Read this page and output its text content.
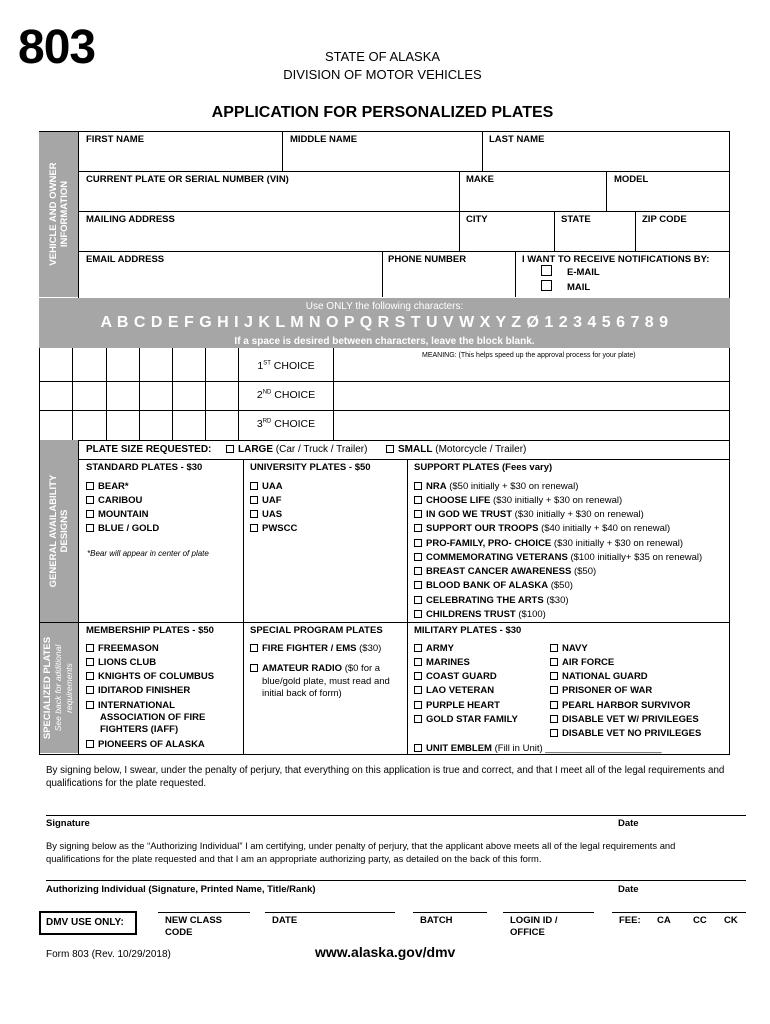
803	STATE OF ALASKA
DIVISION OF MOTOR VEHICLES
APPLICATION FOR PERSONALIZED PLATES
VEHICLE AND OWNER INFORMATION
FIRST NAME	MIDDLE NAME	LAST NAME
CURRENT PLATE OR SERIAL NUMBER (VIN)	MAKE	MODEL
MAILING ADDRESS	CITY	STATE	ZIP CODE
EMAIL ADDRESS	PHONE NUMBER	I WANT TO RECEIVE NOTIFICATIONS BY:
E-MAIL
MAIL
Use ONLY the following characters:
A B C D E F G H I J K L M N O P Q R S T U V W X Y Z Ø 1 2 3 4 5 6 7 8 9
If a space is desired between characters, leave the block blank.
1ST CHOICE
2ND CHOICE
3RD CHOICE
MEANING: (This helps speed up the approval process for your plate)
GENERAL AVAILABILITY DESIGNS
SPECIALIZED PLATES See back for additional requirements
PLATE SIZE REQUESTED:	LARGE (Car / Truck / Trailer)	SMALL (Motorcycle / Trailer)
STANDARD PLATES - $30
BEAR*
CARIBOU
MOUNTAIN
BLUE / GOLD
*Bear will appear in center of plate
UNIVERSITY PLATES - $50
UAA
UAF
UAS
PWSCC
SUPPORT PLATES (Fees vary)
NRA ($50 initially + $30 on renewal)
CHOOSE LIFE ($30 initially + $30 on renewal)
IN GOD WE TRUST ($30 initially + $30 on renewal)
SUPPORT OUR TROOPS ($40 initially + $40 on renewal)
PRO-FAMILY, PRO- CHOICE ($30 initially + $30 on renewal)
COMMEMORATING VETERANS ($100 initially+ $35 on renewal)
BREAST CANCER AWARENESS ($50)
BLOOD BANK OF ALASKA ($50)
CELEBRATING THE ARTS ($30)
CHILDRENS TRUST ($100)
MEMBERSHIP PLATES - $50
FREEMASON
LIONS CLUB
KNIGHTS OF COLUMBUS
IDITAROD FINISHER
INTERNATIONAL
ASSOCIATION OF FIRE
FIGHTERS (IAFF)
PIONEERS OF ALASKA
SPECIAL PROGRAM PLATES
FIRE FIGHTER / EMS ($30)
AMATEUR RADIO ($0 for a
blue/gold plate, must read and
initial back of form)
MILITARY PLATES - $30
ARMY
MARINES
COAST GUARD
LAO VETERAN
PURPLE HEART
GOLD STAR FAMILY
NAVY
AIR FORCE
NATIONAL GUARD
PRISONER OF WAR
PEARL HARBOR SURVIVOR
DISABLE VET W/ PRIVILEGES
DISABLE VET NO PRIVILEGES
UNIT EMBLEM (Fill in Unit) ______________________
By signing below, I swear, under the penalty of perjury, that everything on this application is true and correct, and that I meet all of the legal requirements and qualifications for the plate requested.
Signature	Date
By signing below as the “Authorizing Individual” I am certifying, under penalty of perjury, that the applicant above meets all of the legal requirements and qualifications for the plate requested and that I am an appropriate authorizing party, as detailed on the back of this form.
Authorizing Individual (Signature, Printed Name, Title/Rank)	Date
DMV USE ONLY:	NEW CLASS
CODE
DATE	BATCH	LOGIN ID /
OFFICE
FEE: CA CC CK
Form 803 (Rev. 10/29/2018)	www.alaska.gov/dmv
